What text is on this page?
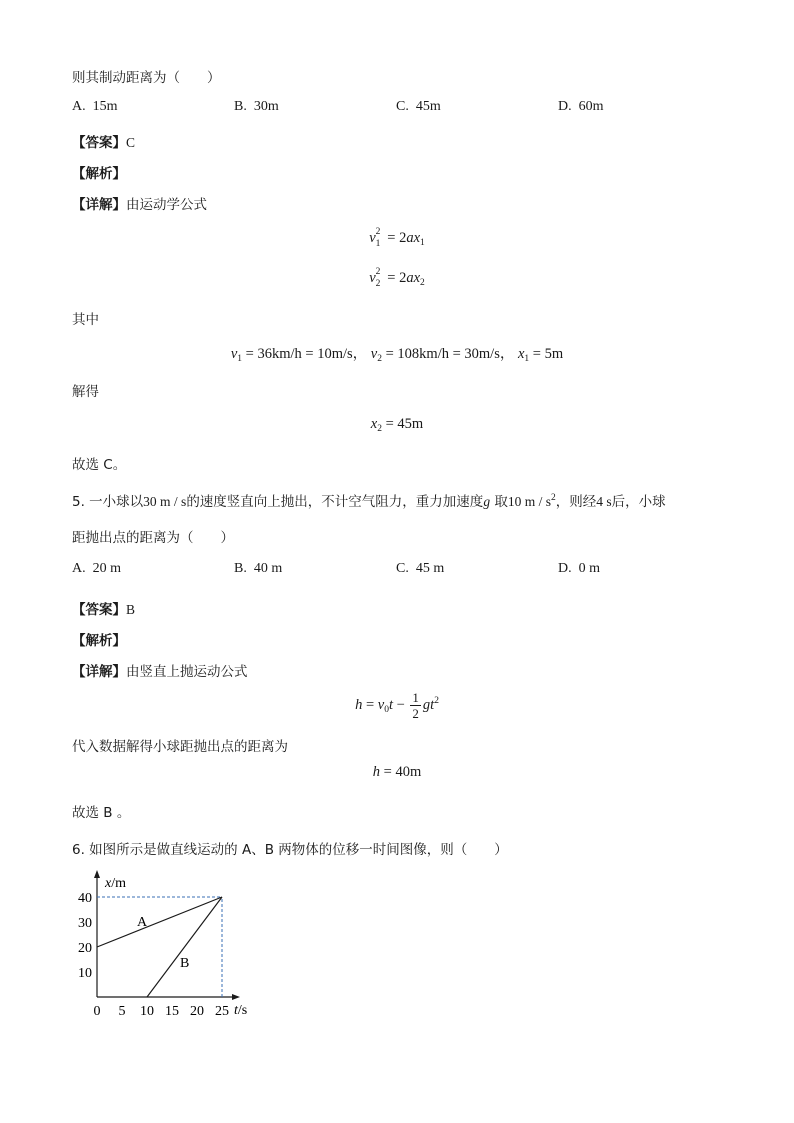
则其制动距离为（　　）
A. 15m	B. 30m	C. 45m	D. 60m
【答案】C
【解析】
【详解】由运动学公式
v 2
$1 = 2ax_1$
v 2
$2 = 2ax_2$
其中
$v_1 = 36km/h = 10m/s$， $v_2 = 108km/h = 30m/s$， $x_1 = 5m$
解得
$x_2 = 45m$
故选 C。
5. 一小球以30 m / s的速度竖直向上抛出，不计空气阻力，重力加速度g 取10 m / $s^2$，则经4 s后，小球
距抛出点的距离为（　　）
A. 20 m	B. 40 m	C. 45 m	D. 0 m
【答案】B
【解析】
【详解】由竖直上抛运动公式
$h = v_0t - \frac{1}{2} gt^2$
代入数据解得小球距抛出点的距离为
h = 40m
故选 B 。
6. 如图所示是做直线运动的 A、B 两物体的位移一时间图像，则（　　）
A
B
10
20
30
40
0 5 10 15 20 25
x/m
t/s
